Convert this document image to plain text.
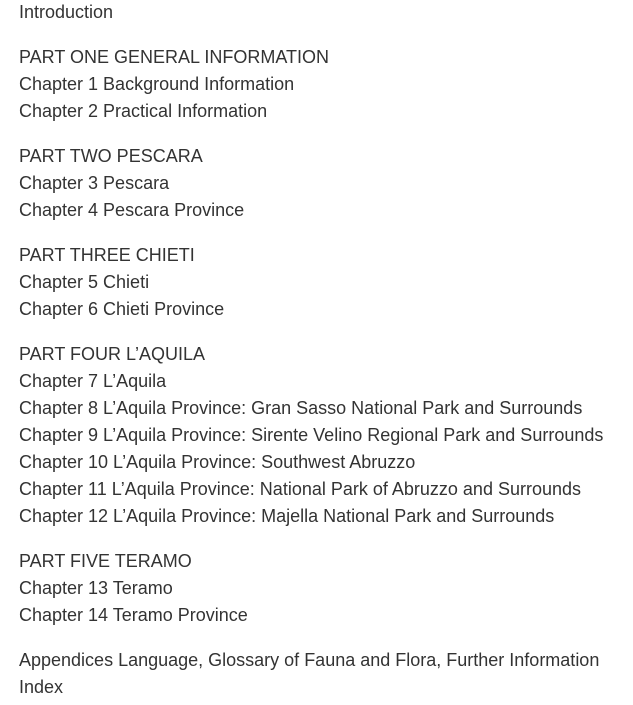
Introduction
PART ONE GENERAL INFORMATION
Chapter 1 Background Information
Chapter 2 Practical Information
PART TWO PESCARA
Chapter 3 Pescara
Chapter 4 Pescara Province
PART THREE CHIETI
Chapter 5 Chieti
Chapter 6 Chieti Province
PART FOUR L’AQUILA
Chapter 7 L’Aquila
Chapter 8 L’Aquila Province: Gran Sasso National Park and Surrounds
Chapter 9 L’Aquila Province: Sirente Velino Regional Park and Surrounds
Chapter 10 L’Aquila Province: Southwest Abruzzo
Chapter 11 L’Aquila Province: National Park of Abruzzo and Surrounds
Chapter 12 L’Aquila Province: Majella National Park and Surrounds
PART FIVE TERAMO
Chapter 13 Teramo
Chapter 14 Teramo Province
Appendices Language, Glossary of Fauna and Flora, Further Information
Index
